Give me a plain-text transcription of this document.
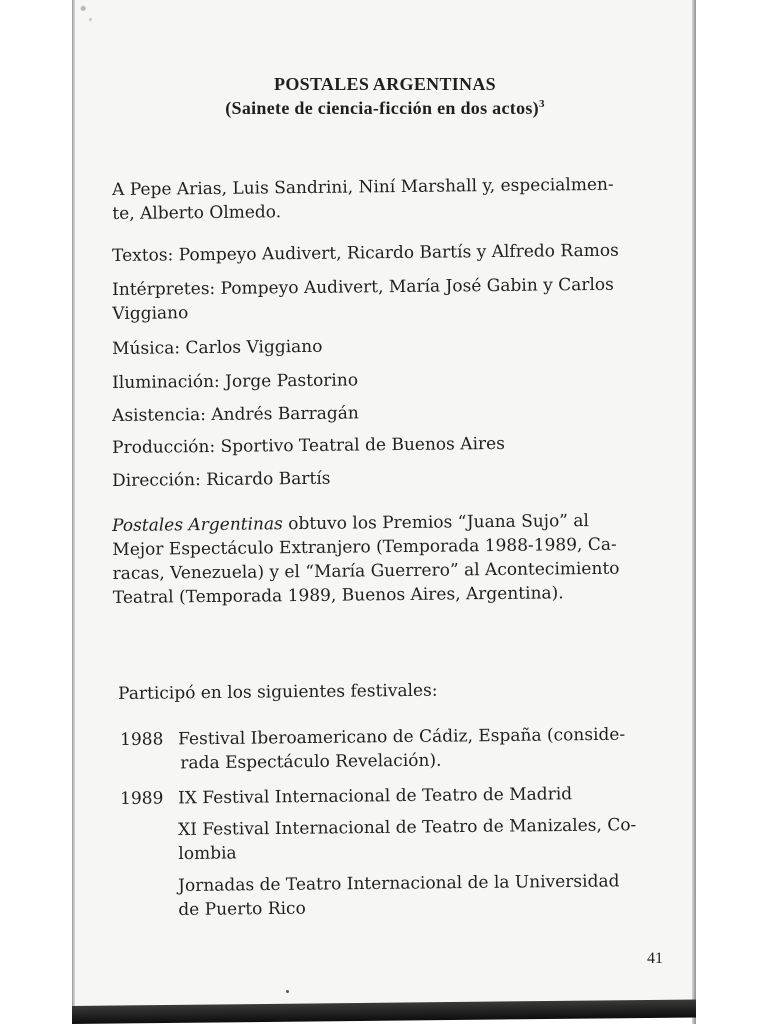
POSTALES ARGENTINAS
(Sainete de ciencia-ficción en dos actos)$^3$
A Pepe Arias, Luis Sandrini, Niní Marshall y, especialmen-
te, Alberto Olmedo.
Textos: Pompeyo Audivert, Ricardo Bartís y Alfredo Ramos
Intérpretes: Pompeyo Audivert, María José Gabin y Carlos
Viggiano
Música: Carlos Viggiano
Iluminación: Jorge Pastorino
Asistencia: Andrés Barragán
Producción: Sportivo Teatral de Buenos Aires
Dirección: Ricardo Bartís
Postales Argentinas obtuvo los Premios “Juana Sujo” al
Mejor Espectáculo Extranjero (Temporada 1988-1989, Ca-
racas, Venezuela) y el “María Guerrero” al Acontecimiento
Teatral (Temporada 1989, Buenos Aires, Argentina).
Participó en los siguientes festivales:
1988 Festival Iberoamericano de Cádiz, España (conside-
rada Espectáculo Revelación).
1989 IX Festival Internacional de Teatro de Madrid
XI Festival Internacional de Teatro de Manizales, Co-
lombia
Jornadas de Teatro Internacional de la Universidad
de Puerto Rico
41
